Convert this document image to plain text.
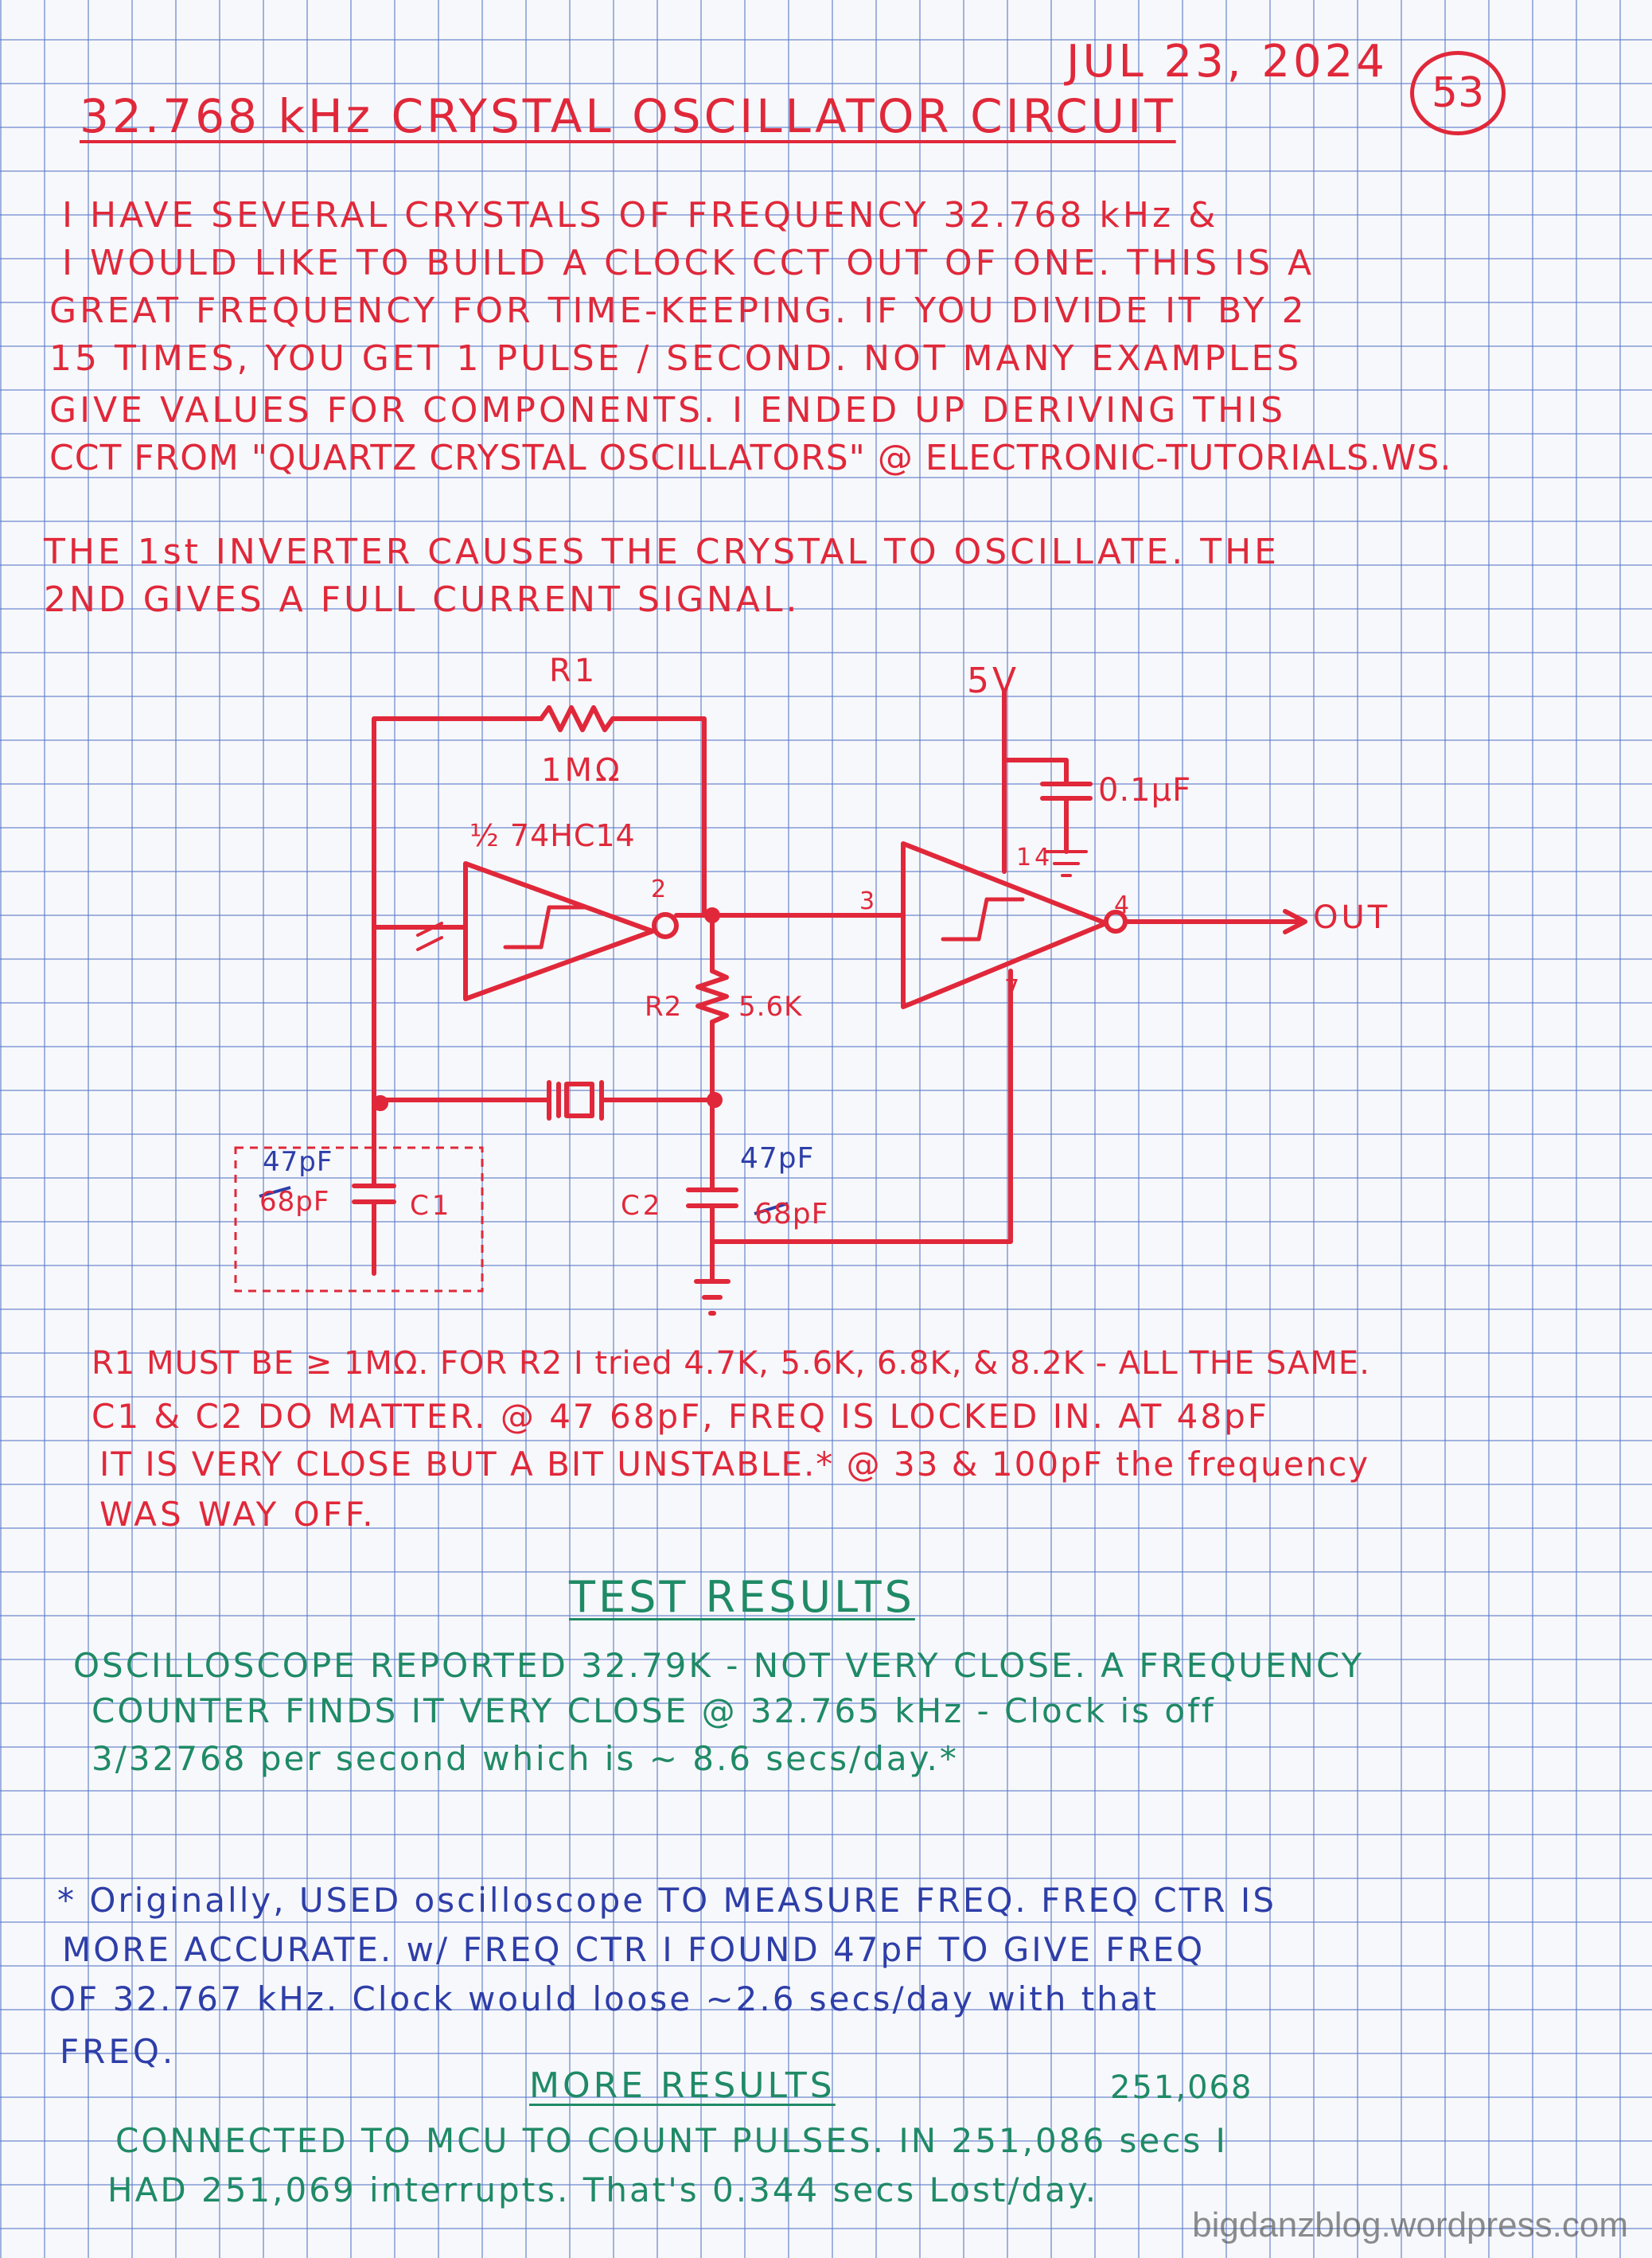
JUL 23, 2024
53
32.768 kHz CRYSTAL OSCILLATOR CIRCUIT
I HAVE SEVERAL CRYSTALS OF FREQUENCY 32.768 kHz &
I WOULD LIKE TO BUILD A CLOCK CCT OUT OF ONE. THIS IS A
GREAT FREQUENCY FOR TIME-KEEPING. IF YOU DIVIDE IT BY 2
15 TIMES, YOU GET 1 PULSE / SECOND. NOT MANY EXAMPLES
GIVE VALUES FOR COMPONENTS. I ENDED UP DERIVING THIS
CCT FROM "QUARTZ CRYSTAL OSCILLATORS" @ ELECTRONIC-TUTORIALS.WS.
THE 1st INVERTER CAUSES THE CRYSTAL TO OSCILLATE. THE
2ND GIVES A FULL CURRENT SIGNAL.
R1
1MΩ
½ 74HC14
5V
0.1μF
2	3	4
14
7
OUT
R2 5.6K
47pF
68pF	C1	C2
47pF
68pF
R1 MUST BE ≥ 1MΩ. FOR R2 I tried 4.7K, 5.6K, 6.8K, & 8.2K - ALL THE SAME.
C1 & C2 DO MATTER. @ 47 68pF, FREQ IS LOCKED IN. AT 48pF
IT IS VERY CLOSE BUT A BIT UNSTABLE.* @ 33 & 100pF the frequency
WAS WAY OFF.
TEST RESULTS
OSCILLOSCOPE REPORTED 32.79K - NOT VERY CLOSE. A FREQUENCY
COUNTER FINDS IT VERY CLOSE @ 32.765 kHz - Clock is off
3/32768 per second which is ~ 8.6 secs/day.*
* Originally, USED oscilloscope TO MEASURE FREQ. FREQ CTR IS
MORE ACCURATE. w/ FREQ CTR I FOUND 47pF TO GIVE FREQ
OF 32.767 kHz. Clock would loose ~2.6 secs/day with that
FREQ.
MORE RESULTS	251,068
CONNECTED TO MCU TO COUNT PULSES. IN 251,086 secs I
HAD 251,069 interrupts. That's 0.344 secs Lost/day.
bigdanzblog.wordpress.com
